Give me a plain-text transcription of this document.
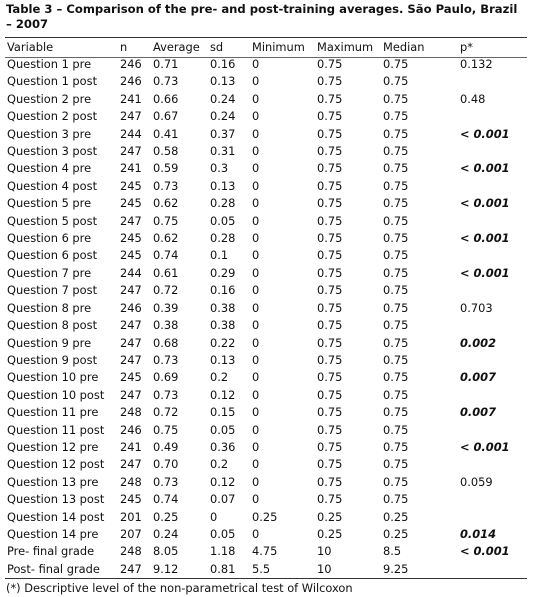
Table 3 – Comparison of the pre- and post-training averages. São Paulo, Brazil – 2007
Variable	n	Average	sd	Minimum	Maximum	Median	p*
Question 1 pre	246	0.71	0.16	0	0.75	0.75	0.132
Question 1 post	246	0.73	0.13	0	0.75	0.75	
Question 2 pre	241	0.66	0.24	0	0.75	0.75	0.48
Question 2 post	247	0.67	0.24	0	0.75	0.75	
Question 3 pre	244	0.41	0.37	0	0.75	0.75	< 0.001
Question 3 post	247	0.58	0.31	0	0.75	0.75	
Question 4 pre	241	0.59	0.3	0	0.75	0.75	< 0.001
Question 4 post	245	0.73	0.13	0	0.75	0.75	
Question 5 pre	245	0.62	0.28	0	0.75	0.75	< 0.001
Question 5 post	247	0.75	0.05	0	0.75	0.75	
Question 6 pre	245	0.62	0.28	0	0.75	0.75	< 0.001
Question 6 post	245	0.74	0.1	0	0.75	0.75	
Question 7 pre	244	0.61	0.29	0	0.75	0.75	< 0.001
Question 7 post	247	0.72	0.16	0	0.75	0.75	
Question 8 pre	246	0.39	0.38	0	0.75	0.75	0.703
Question 8 post	247	0.38	0.38	0	0.75	0.75	
Question 9 pre	247	0.68	0.22	0	0.75	0.75	0.002
Question 9 post	247	0.73	0.13	0	0.75	0.75	
Question 10 pre	245	0.69	0.2	0	0.75	0.75	0.007
Question 10 post	247	0.73	0.12	0	0.75	0.75	
Question 11 pre	248	0.72	0.15	0	0.75	0.75	0.007
Question 11 post	246	0.75	0.05	0	0.75	0.75	
Question 12 pre	241	0.49	0.36	0	0.75	0.75	< 0.001
Question 12 post	247	0.70	0.2	0	0.75	0.75	
Question 13 pre	248	0.73	0.12	0	0.75	0.75	0.059
Question 13 post	245	0.74	0.07	0	0.75	0.75	
Question 14 post	201	0.25	0	0.25	0.25	0.25	
Question 14 pre	207	0.24	0.05	0	0.25	0.25	0.014
Pre- final grade	248	8.05	1.18	4.75	10	8.5	< 0.001
Post- final grade	247	9.12	0.81	5.5	10	9.25	
(*) Descriptive level of the non-parametrical test of Wilcoxon
